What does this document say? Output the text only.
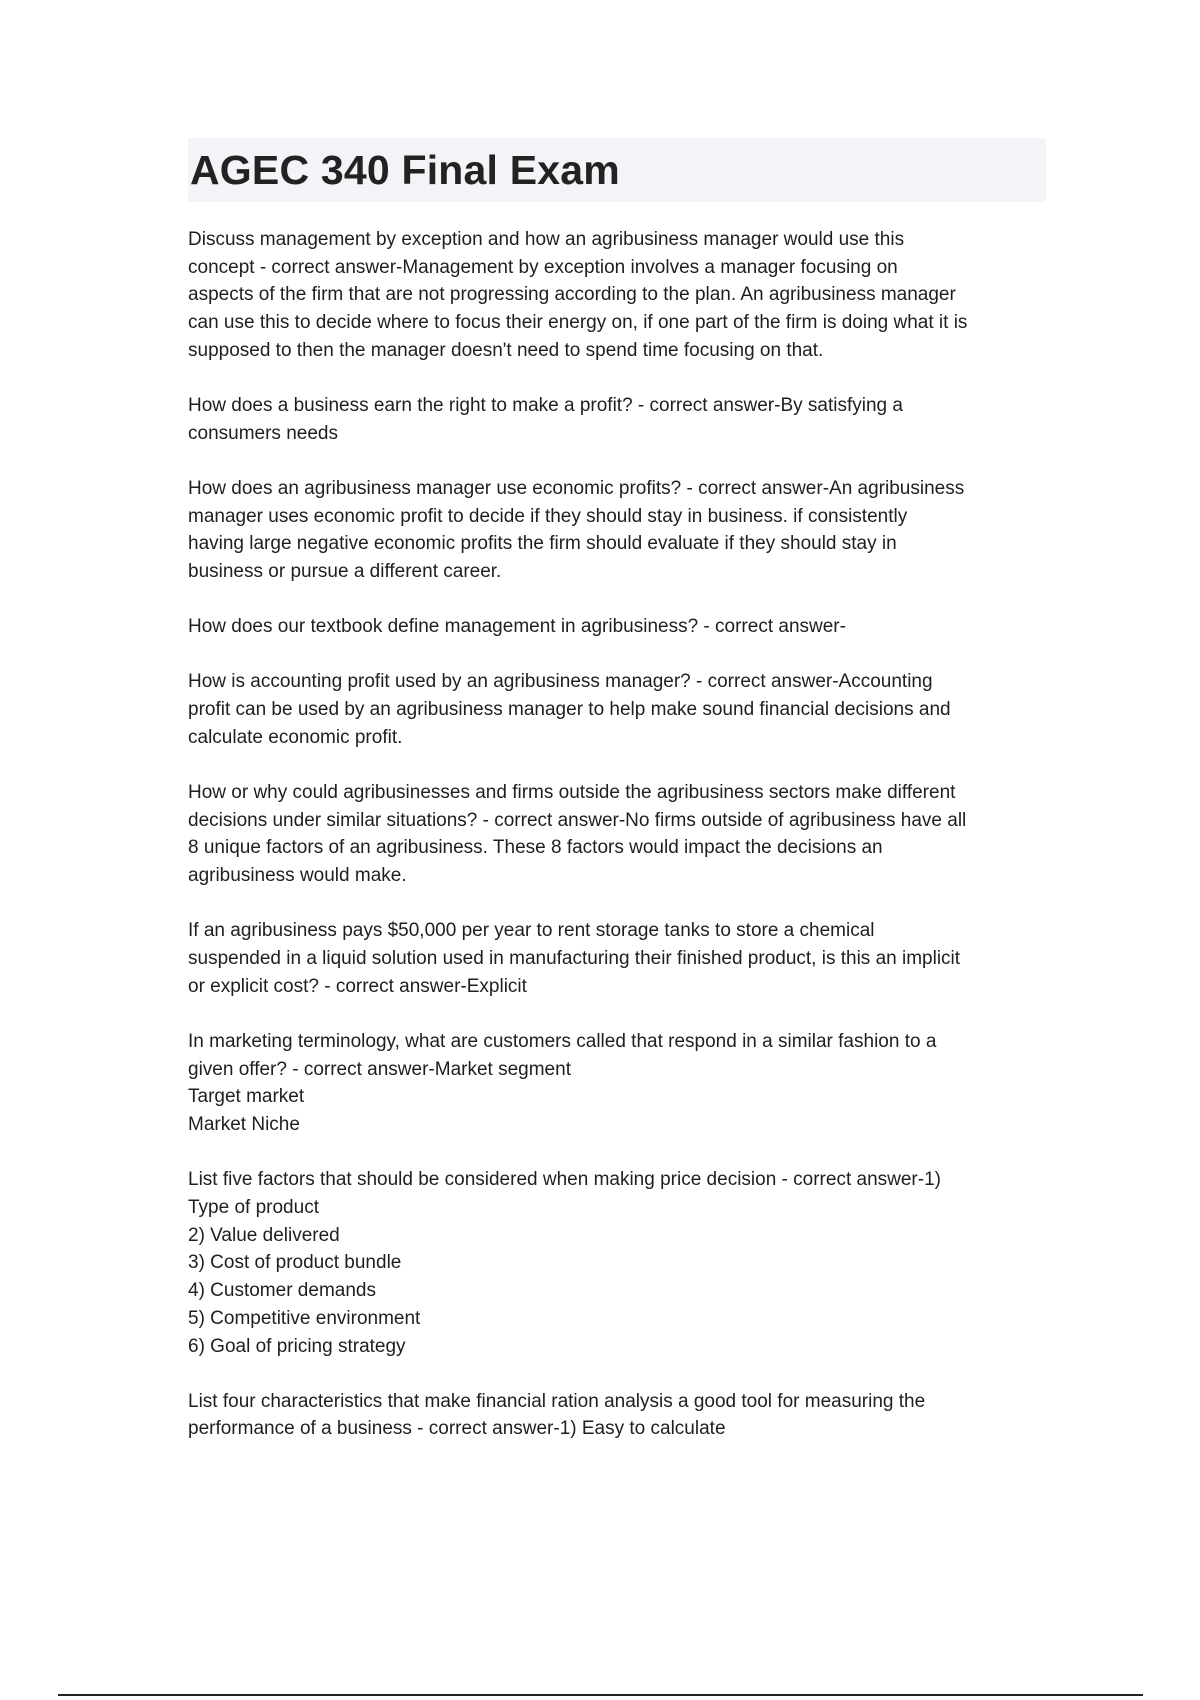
AGEC 340 Final Exam

Discuss management by exception and how an agribusiness manager would use this
concept - correct answer-Management by exception involves a manager focusing on
aspects of the firm that are not progressing according to the plan. An agribusiness manager
can use this to decide where to focus their energy on, if one part of the firm is doing what it is
supposed to then the manager doesn't need to spend time focusing on that.

How does a business earn the right to make a profit? - correct answer-By satisfying a
consumers needs

How does an agribusiness manager use economic profits? - correct answer-An agribusiness
manager uses economic profit to decide if they should stay in business. if consistently
having large negative economic profits the firm should evaluate if they should stay in
business or pursue a different career.

How does our textbook define management in agribusiness? - correct answer-

How is accounting profit used by an agribusiness manager? - correct answer-Accounting
profit can be used by an agribusiness manager to help make sound financial decisions and
calculate economic profit.

How or why could agribusinesses and firms outside the agribusiness sectors make different
decisions under similar situations? - correct answer-No firms outside of agribusiness have all
8 unique factors of an agribusiness. These 8 factors would impact the decisions an
agribusiness would make.

If an agribusiness pays $50,000 per year to rent storage tanks to store a chemical
suspended in a liquid solution used in manufacturing their finished product, is this an implicit
or explicit cost? - correct answer-Explicit

In marketing terminology, what are customers called that respond in a similar fashion to a
given offer? - correct answer-Market segment
Target market
Market Niche

List five factors that should be considered when making price decision - correct answer-1)
Type of product
2) Value delivered
3) Cost of product bundle
4) Customer demands
5) Competitive environment
6) Goal of pricing strategy

List four characteristics that make financial ration analysis a good tool for measuring the
performance of a business - correct answer-1) Easy to calculate
